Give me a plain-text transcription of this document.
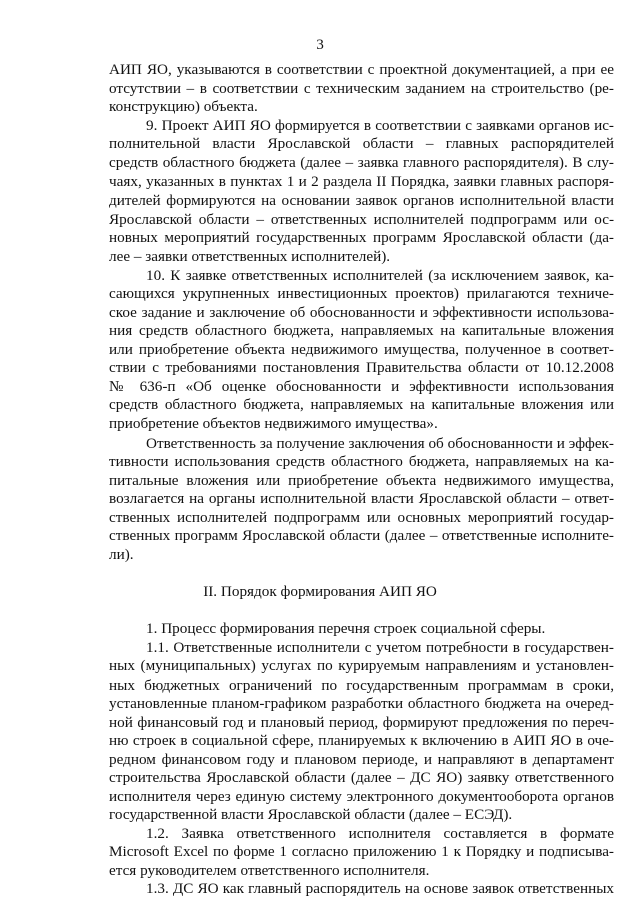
3
АИП ЯО, указываются в соответствии с проектной документацией, а при ее
отсутствии – в соответствии с техническим заданием на строительство (ре-
конструкцию) объекта.
9. Проект АИП ЯО формируется в соответствии с заявками органов ис-
полнительной власти Ярославской области – главных распорядителей
средств областного бюджета (далее – заявка главного распорядителя). В слу-
чаях, указанных в пунктах 1 и 2 раздела II Порядка, заявки главных распоря-
дителей формируются на основании заявок органов исполнительной власти
Ярославской области – ответственных исполнителей подпрограмм или ос-
новных мероприятий государственных программ Ярославской области (да-
лее – заявки ответственных исполнителей).
10. К заявке ответственных исполнителей (за исключением заявок, ка-
сающихся укрупненных инвестиционных проектов) прилагаются техниче-
ское задание и заключение об обоснованности и эффективности использова-
ния средств областного бюджета, направляемых на капитальные вложения
или приобретение объекта недвижимого имущества, полученное в соответ-
ствии с требованиями постановления Правительства области от 10.12.2008
№ 636-п «Об оценке обоснованности и эффективности использования
средств областного бюджета, направляемых на капитальные вложения или
приобретение объектов недвижимого имущества».
Ответственность за получение заключения об обоснованности и эффек-
тивности использования средств областного бюджета, направляемых на ка-
питальные вложения или приобретение объекта недвижимого имущества,
возлагается на органы исполнительной власти Ярославской области – ответ-
ственных исполнителей подпрограмм или основных мероприятий государ-
ственных программ Ярославской области (далее – ответственные исполните-
ли).
II. Порядок формирования АИП ЯО
1. Процесс формирования перечня строек социальной сферы.
1.1. Ответственные исполнители с учетом потребности в государствен-
ных (муниципальных) услугах по курируемым направлениям и установлен-
ных бюджетных ограничений по государственным программам в сроки,
установленные планом-графиком разработки областного бюджета на очеред-
ной финансовый год и плановый период, формируют предложения по переч-
ню строек в социальной сфере, планируемых к включению в АИП ЯО в оче-
редном финансовом году и плановом периоде, и направляют в департамент
строительства Ярославской области (далее – ДС ЯО) заявку ответственного
исполнителя через единую систему электронного документооборота органов
государственной власти Ярославской области (далее – ЕСЭД).
1.2. Заявка ответственного исполнителя составляется в формате
Microsoft Excel по форме 1 согласно приложению 1 к Порядку и подписыва-
ется руководителем ответственного исполнителя.
1.3. ДС ЯО как главный распорядитель на основе заявок ответственных
